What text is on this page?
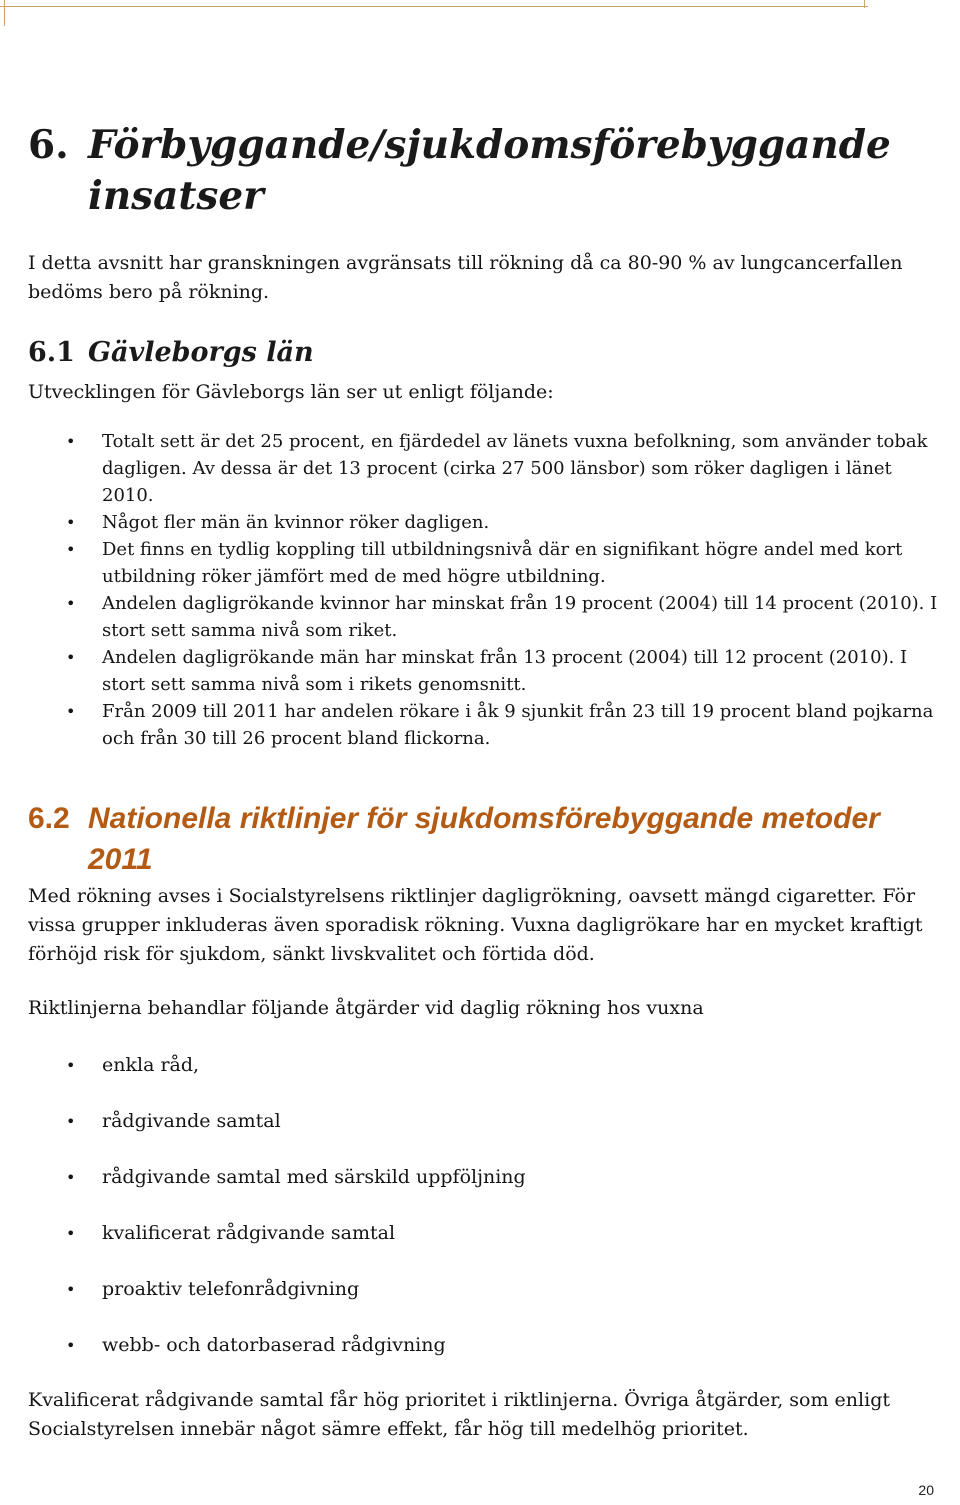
6. Förbyggande/sjukdomsförebyggande
insatser

I detta avsnitt har granskningen avgränsats till rökning då ca 80-90 % av lungcancerfallen bedöms bero på rökning.

6.1 Gävleborgs län

Utvecklingen för Gävleborgs län ser ut enligt följande:

• Totalt sett är det 25 procent, en fjärdedel av länets vuxna befolkning, som använder tobak dagligen. Av dessa är det 13 procent (cirka 27 500 länsbor) som röker dagligen i länet 2010.
• Något fler män än kvinnor röker dagligen.
• Det finns en tydlig koppling till utbildningsnivå där en signifikant högre andel med kort utbildning röker jämfört med de med högre utbildning.
• Andelen dagligrökande kvinnor har minskat från 19 procent (2004) till 14 procent (2010). I stort sett samma nivå som riket.
• Andelen dagligrökande män har minskat från 13 procent (2004) till 12 procent (2010). I stort sett samma nivå som i rikets genomsnitt.
• Från 2009 till 2011 har andelen rökare i åk 9 sjunkit från 23 till 19 procent bland pojkarna och från 30 till 26 procent bland flickorna.
6.2 Nationella riktlinjer för sjukdomsförebyggande metoder
2011

Med rökning avses i Socialstyrelsens riktlinjer dagligrökning, oavsett mängd cigaretter. För vissa grupper inkluderas även sporadisk rökning. Vuxna dagligrökare har en mycket kraftigt förhöjd risk för sjukdom, sänkt livskvalitet och förtida död.

Riktlinjerna behandlar följande åtgärder vid daglig rökning hos vuxna

• enkla råd,
• rådgivande samtal
• rådgivande samtal med särskild uppföljning
• kvalificerat rådgivande samtal
• proaktiv telefonrådgivning
• webb- och datorbaserad rådgivning

Kvalificerat rådgivande samtal får hög prioritet i riktlinjerna. Övriga åtgärder, som enligt Socialstyrelsen innebär något sämre effekt, får hög till medelhög prioritet.

20
